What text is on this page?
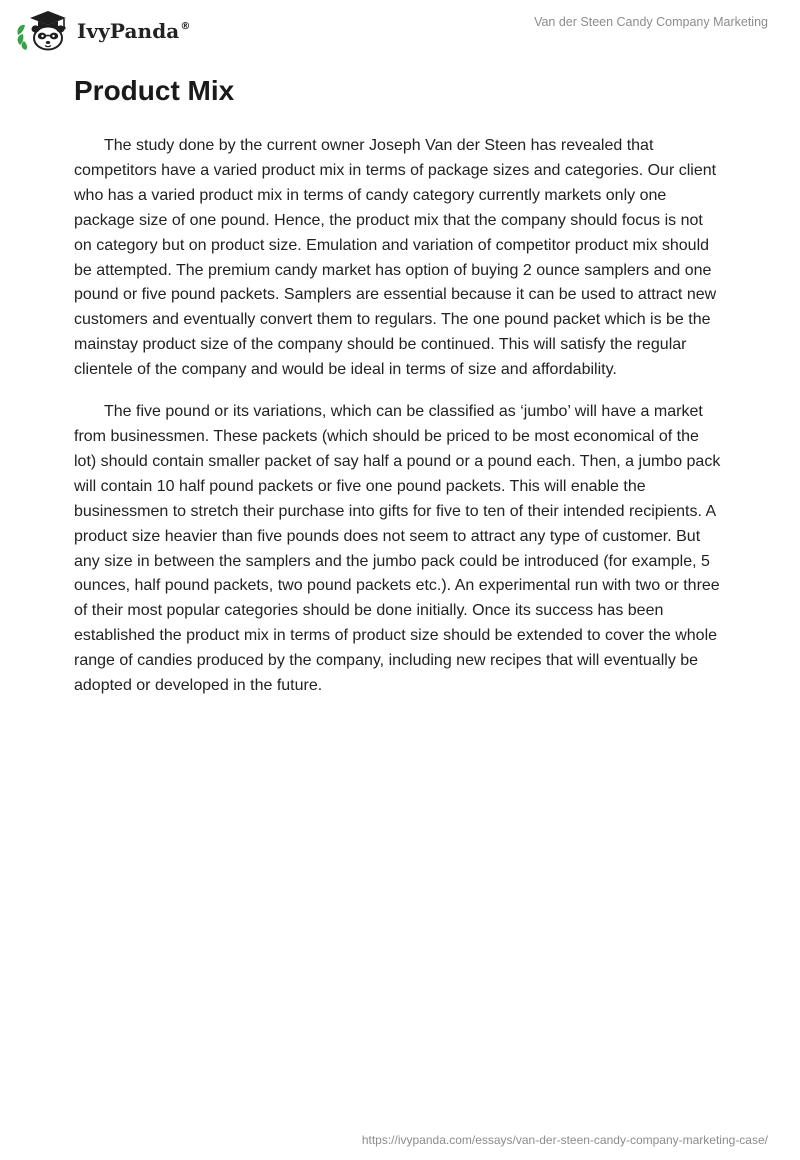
IvyPanda®	Van der Steen Candy Company Marketing
Product Mix

The study done by the current owner Joseph Van der Steen has revealed that competitors have a varied product mix in terms of package sizes and categories. Our client who has a varied product mix in terms of candy category currently markets only one package size of one pound. Hence, the product mix that the company should focus is not on category but on product size. Emulation and variation of competitor product mix should be attempted. The premium candy market has option of buying 2 ounce samplers and one pound or five pound packets. Samplers are essential because it can be used to attract new customers and eventually convert them to regulars. The one pound packet which is be the mainstay product size of the company should be continued. This will satisfy the regular clientele of the company and would be ideal in terms of size and affordability.

The five pound or its variations, which can be classified as ‘jumbo’ will have a market from businessmen. These packets (which should be priced to be most economical of the lot) should contain smaller packet of say half a pound or a pound each. Then, a jumbo pack will contain 10 half pound packets or five one pound packets. This will enable the businessmen to stretch their purchase into gifts for five to ten of their intended recipients. A product size heavier than five pounds does not seem to attract any type of customer. But any size in between the samplers and the jumbo pack could be introduced (for example, 5 ounces, half pound packets, two pound packets etc.). An experimental run with two or three of their most popular categories should be done initially. Once its success has been established the product mix in terms of product size should be extended to cover the whole range of candies produced by the company, including new recipes that will eventually be adopted or developed in the future.

https://ivypanda.com/essays/van-der-steen-candy-company-marketing-case/
